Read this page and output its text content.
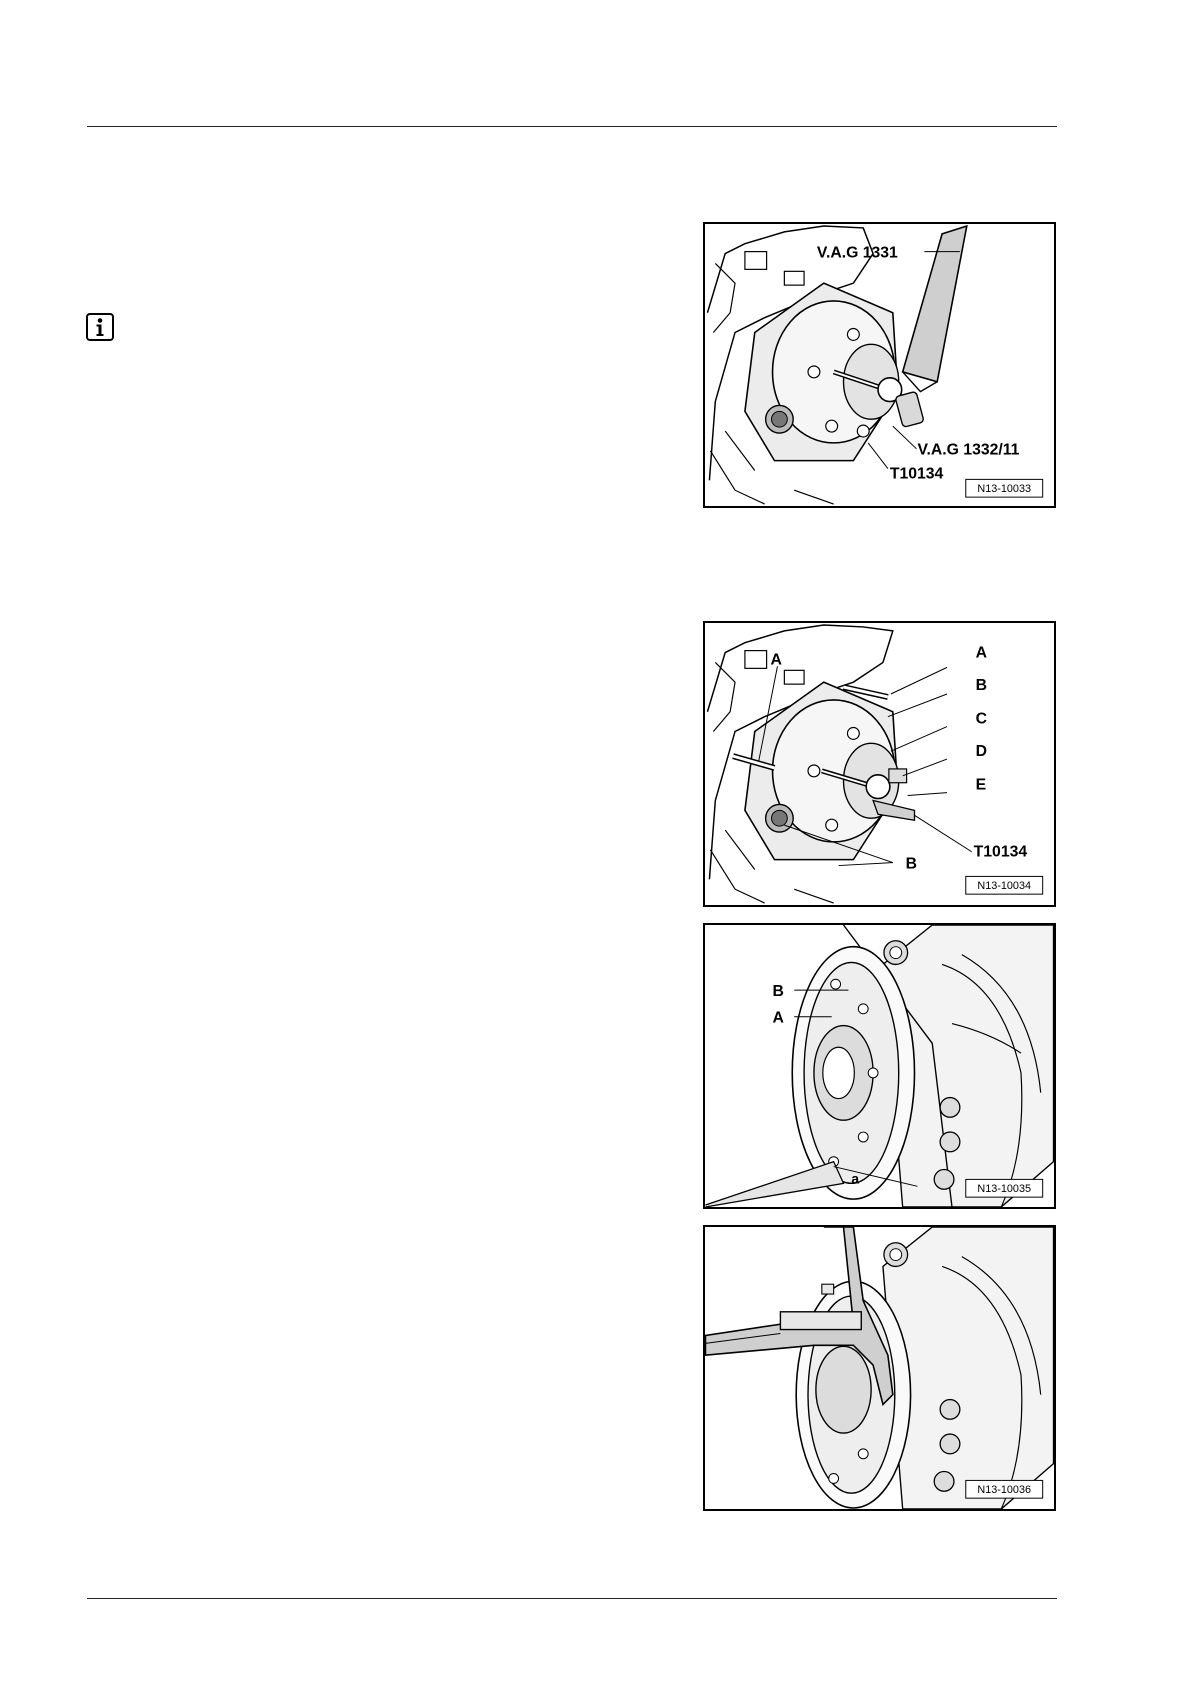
V.A.G 1331
V.A.G 1332/11
T10134
N13-10033
A	A
B
C
D
E
T10134
B
N13-10034
B
A
a
N13-10035
N13-10036
